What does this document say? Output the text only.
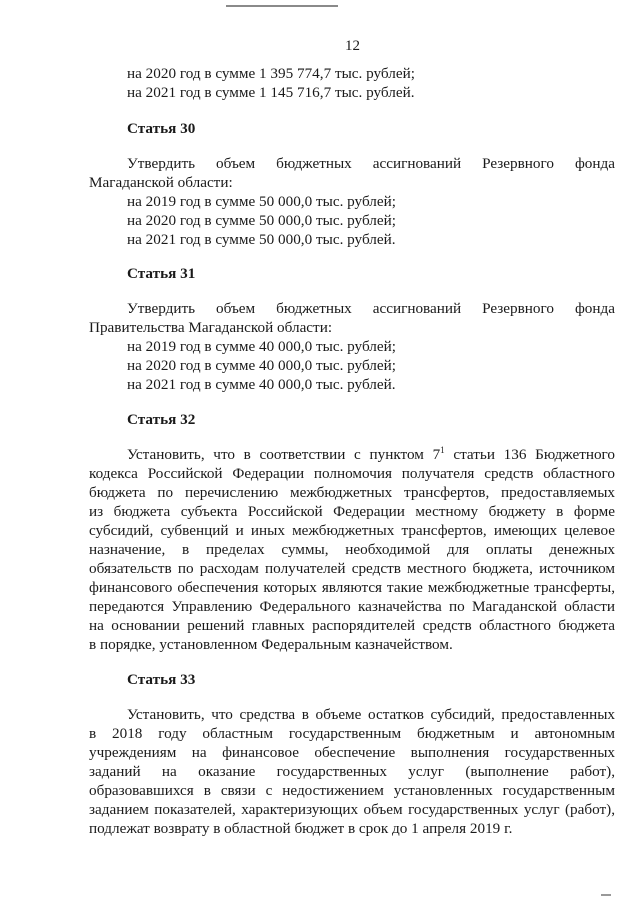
12
на 2020 год в сумме 1 395 774,7 тыс. рублей;
на 2021 год в сумме 1 145 716,7 тыс. рублей.
Статья 30
Утвердить объем бюджетных ассигнований Резервного фонда
Магаданской области:
на 2019 год в сумме 50 000,0 тыс. рублей;
на 2020 год в сумме 50 000,0 тыс. рублей;
на 2021 год в сумме 50 000,0 тыс. рублей.
Статья 31
Утвердить объем бюджетных ассигнований Резервного фонда
Правительства Магаданской области:
на 2019 год в сумме 40 000,0 тыс. рублей;
на 2020 год в сумме 40 000,0 тыс. рублей;
на 2021 год в сумме 40 000,0 тыс. рублей.
Статья 32
Установить, что в соответствии с пунктом $7^1$ статьи 136 Бюджетного
кодекса Российской Федерации полномочия получателя средств областного
бюджета по перечислению межбюджетных трансфертов, предоставляемых
из бюджета субъекта Российской Федерации местному бюджету в форме
субсидий, субвенций и иных межбюджетных трансфертов, имеющих целевое
назначение, в пределах суммы, необходимой для оплаты денежных
обязательств по расходам получателей средств местного бюджета, источником
финансового обеспечения которых являются такие межбюджетные трансферты,
передаются Управлению Федерального казначейства по Магаданской области
на основании решений главных распорядителей средств областного бюджета
в порядке, установленном Федеральным казначейством.
Статья 33
Установить, что средства в объеме остатков субсидий, предоставленных
в 2018 году областным государственным бюджетным и автономным
учреждениям на финансовое обеспечение выполнения государственных
заданий на оказание государственных услуг (выполнение работ),
образовавшихся в связи с недостижением установленных государственным
заданием показателей, характеризующих объем государственных услуг (работ),
подлежат возврату в областной бюджет в срок до 1 апреля 2019 г.
